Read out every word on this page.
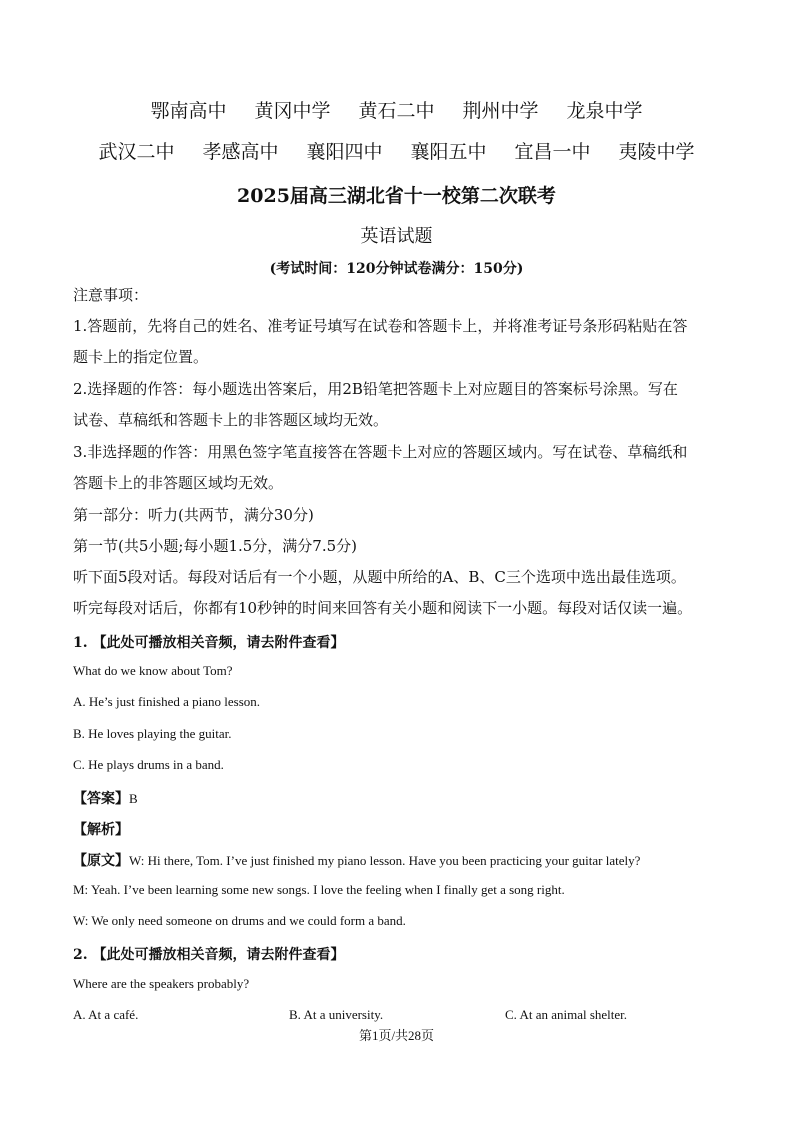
鄂南高中 黄冈中学 黄石二中 荆州中学 龙泉中学
武汉二中 孝感高中 襄阳四中 襄阳五中 宜昌一中 夷陵中学
2025届高三湖北省十一校第二次联考
英语试题
(考试时间：120分钟试卷满分：150分)
注意事项：
1.答题前，先将自己的姓名、准考证号填写在试卷和答题卡上，并将准考证号条形码粘贴在答
题卡上的指定位置。
2.选择题的作答：每小题选出答案后，用2B铅笔把答题卡上对应题目的答案标号涂黑。写在
试卷、草稿纸和答题卡上的非答题区域均无效。
3.非选择题的作答：用黑色签字笔直接答在答题卡上对应的答题区域内。写在试卷、草稿纸和
答题卡上的非答题区域均无效。
第一部分：听力(共两节，满分30分)
第一节(共5小题;每小题1.5分，满分7.5分)
听下面5段对话。每段对话后有一个小题，从题中所给的A、B、C三个选项中选出最佳选项。
听完每段对话后，你都有10秒钟的时间来回答有关小题和阅读下一小题。每段对话仅读一遍。
1. 【此处可播放相关音频，请去附件查看】
What do we know about Tom?
A. He’s just finished a piano lesson.
B. He loves playing the guitar.
C. He plays drums in a band.
【答案】B
【解析】
【原文】W: Hi there, Tom. I’ve just finished my piano lesson. Have you been practicing your guitar lately?
M: Yeah. I’ve been learning some new songs. I love the feeling when I finally get a song right.
W: We only need someone on drums and we could form a band.
2. 【此处可播放相关音频，请去附件查看】
Where are the speakers probably?
A. At a café.	B. At a university.	C. At an animal shelter.
第1页/共28页
